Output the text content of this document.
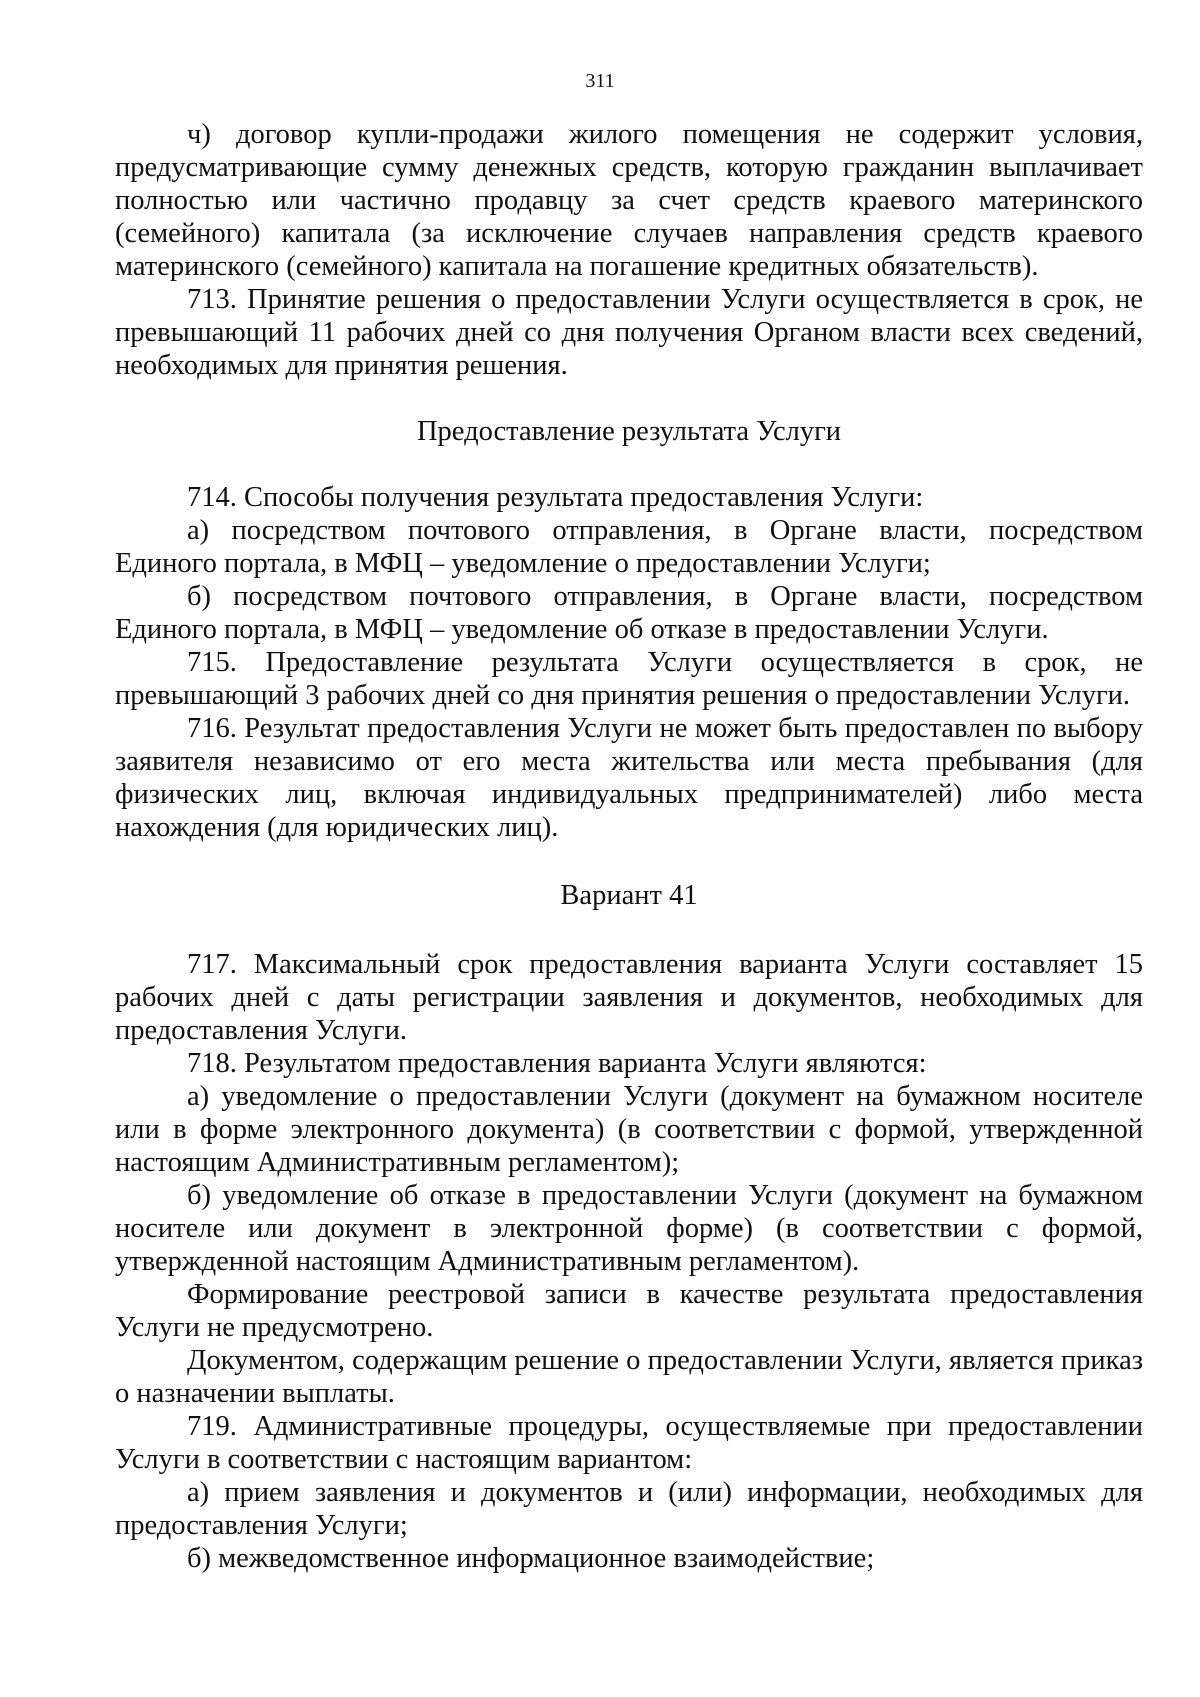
311

ч) договор купли-продажи жилого помещения не содержит условия, предусматривающие сумму денежных средств, которую гражданин выплачивает полностью или частично продавцу за счет средств краевого материнского (семейного) капитала (за исключение случаев направления средств краевого материнского (семейного) капитала на погашение кредитных обязательств).

713. Принятие решения о предоставлении Услуги осуществляется в срок, не превышающий 11 рабочих дней со дня получения Органом власти всех сведений, необходимых для принятия решения.

Предоставление результата Услуги

714. Способы получения результата предоставления Услуги:

а) посредством почтового отправления, в Органе власти, посредством Единого портала, в МФЦ – уведомление о предоставлении Услуги;

б) посредством почтового отправления, в Органе власти, посредством Единого портала, в МФЦ – уведомление об отказе в предоставлении Услуги.

715. Предоставление результата Услуги осуществляется в срок, не превышающий 3 рабочих дней со дня принятия решения о предоставлении Услуги.

716. Результат предоставления Услуги не может быть предоставлен по выбору заявителя независимо от его места жительства или места пребывания (для физических лиц, включая индивидуальных предпринимателей) либо места нахождения (для юридических лиц).

Вариант 41

717. Максимальный срок предоставления варианта Услуги составляет 15 рабочих дней с даты регистрации заявления и документов, необходимых для предоставления Услуги.

718. Результатом предоставления варианта Услуги являются:

а) уведомление о предоставлении Услуги (документ на бумажном носителе или в форме электронного документа) (в соответствии с формой, утвержденной настоящим Административным регламентом);

б) уведомление об отказе в предоставлении Услуги (документ на бумажном носителе или документ в электронной форме) (в соответствии с формой, утвержденной настоящим Административным регламентом).

Формирование реестровой записи в качестве результата предоставления Услуги не предусмотрено.

Документом, содержащим решение о предоставлении Услуги, является приказ о назначении выплаты.

719. Административные процедуры, осуществляемые при предоставлении Услуги в соответствии с настоящим вариантом:

а) прием заявления и документов и (или) информации, необходимых для предоставления Услуги;

б) межведомственное информационное взаимодействие;
